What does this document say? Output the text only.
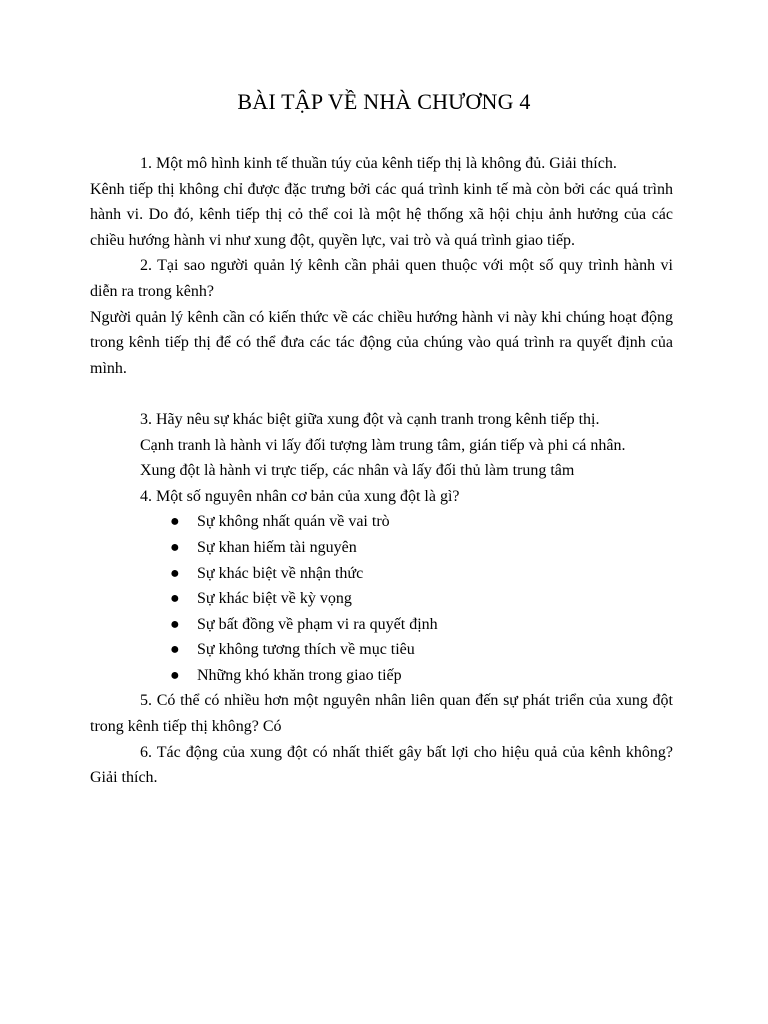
BÀI TẬP VỀ NHÀ CHƯƠNG 4

1. Một mô hình kinh tế thuần túy của kênh tiếp thị là không đủ. Giải thích.

Kênh tiếp thị không chỉ được đặc trưng bởi các quá trình kinh tế mà còn bởi các quá trình hành vi. Do đó, kênh tiếp thị cỏ thể coi là một hệ thống xã hội chịu ảnh hưởng của các chiều hướng hành vi như xung đột, quyền lực, vai trò và quá trình giao tiếp.

2. Tại sao người quản lý kênh cần phải quen thuộc với một số quy trình hành vi diễn ra trong kênh?

Người quản lý kênh cần có kiến thức về các chiều hướng hành vi này khi chúng hoạt động trong kênh tiếp thị để có thể đưa các tác động của chúng vào quá trình ra quyết định của mình.

3. Hãy nêu sự khác biệt giữa xung đột và cạnh tranh trong kênh tiếp thị.

Cạnh tranh là hành vi lấy đối tượng làm trung tâm, gián tiếp và phi cá nhân.

Xung đột là hành vi trực tiếp, các nhân và lấy đối thủ làm trung tâm

4. Một số nguyên nhân cơ bản của xung đột là gì?

● Sự không nhất quán về vai trò
● Sự khan hiếm tài nguyên
● Sự khác biệt về nhận thức
● Sự khác biệt về kỳ vọng
● Sự bất đồng về phạm vi ra quyết định
● Sự không tương thích về mục tiêu
● Những khó khăn trong giao tiếp

5. Có thể có nhiều hơn một nguyên nhân liên quan đến sự phát triển của xung đột trong kênh tiếp thị không? Có

6. Tác động của xung đột có nhất thiết gây bất lợi cho hiệu quả của kênh không? Giải thích.
